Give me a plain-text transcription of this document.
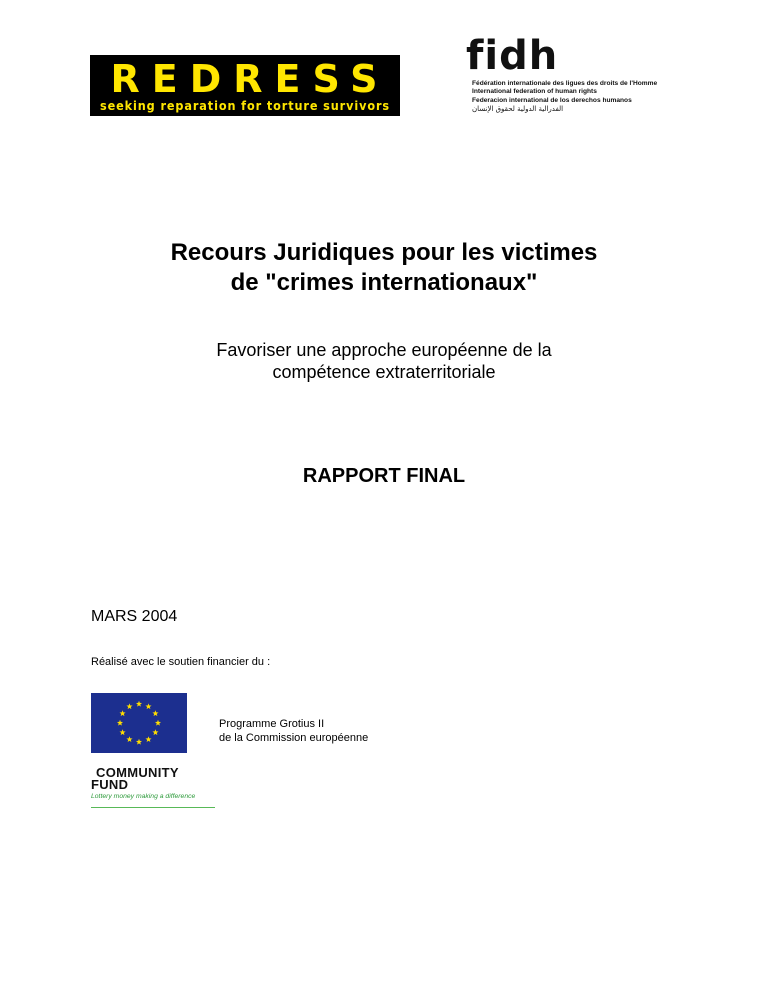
REDRESS
seeking reparation for torture survivors
fidh
Fédération internationale des ligues des droits de l'Homme
International federation of human rights
Federacion international de los derechos humanos
الفدرالية الدولية لحقوق الإنسان
Recours Juridiques pour les victimes
de "crimes internationaux"
Favoriser une approche européenne de la
compétence extraterritoriale
RAPPORT FINAL
MARS 2004
Réalisé avec le soutien financier du :
Programme Grotius II
de la Commission européenne
COMMUNITY
FUND
Lottery money making a difference
